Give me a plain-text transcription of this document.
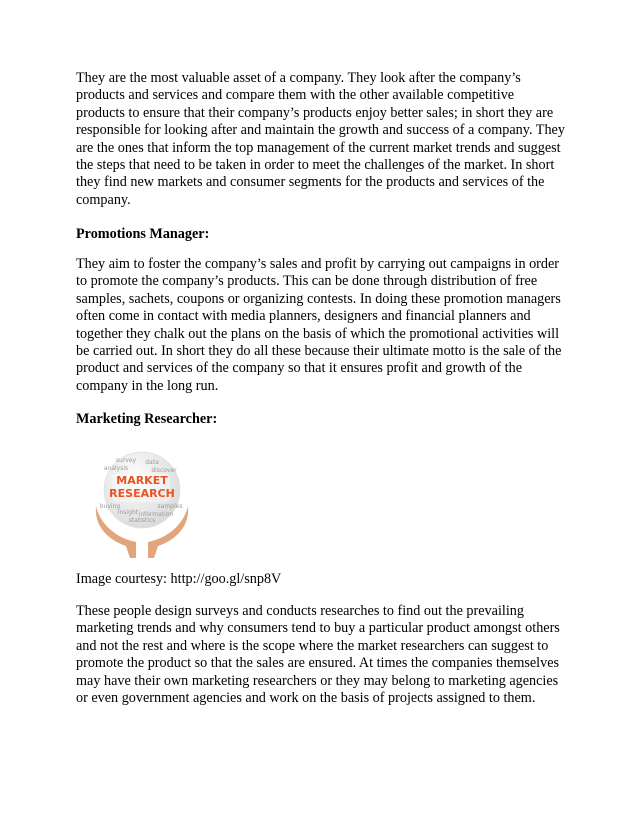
They are the most valuable asset of a company. They look after the company’s products and services and compare them with the other available competitive products to ensure that their company’s products enjoy better sales; in short they are responsible for looking after and maintain the growth and success of a company. They are the ones that inform the top management of the current market trends and suggest the steps that need to be taken in order to meet the challenges of the market. In short they find new markets and consumer segments for the products and services of the company.

Promotions Manager:

They aim to foster the company’s sales and profit by carrying out campaigns in order to promote the company’s products. This can be done through distribution of free samples, sachets, coupons or organizing contests. In doing these promotion managers often come in contact with media planners, designers and financial planners and together they chalk out the plans on the basis of which the promotional activities will be carried out. In short they do all these because their ultimate motto is the sale of the product and services of the company so that it ensures profit and growth of the company in the long run.

Marketing Researcher:

survey data
analysis	discover
buying	samples
insight information
statistics
MARKET
RESEARCH

Image courtesy: http://goo.gl/snp8V

These people design surveys and conducts researches to find out the prevailing marketing trends and why consumers tend to buy a particular product amongst others and not the rest and where is the scope where the market researchers can suggest to promote the product so that the sales are ensured. At times the companies themselves may have their own marketing researchers or they may belong to marketing agencies or even government agencies and work on the basis of projects assigned to them.
